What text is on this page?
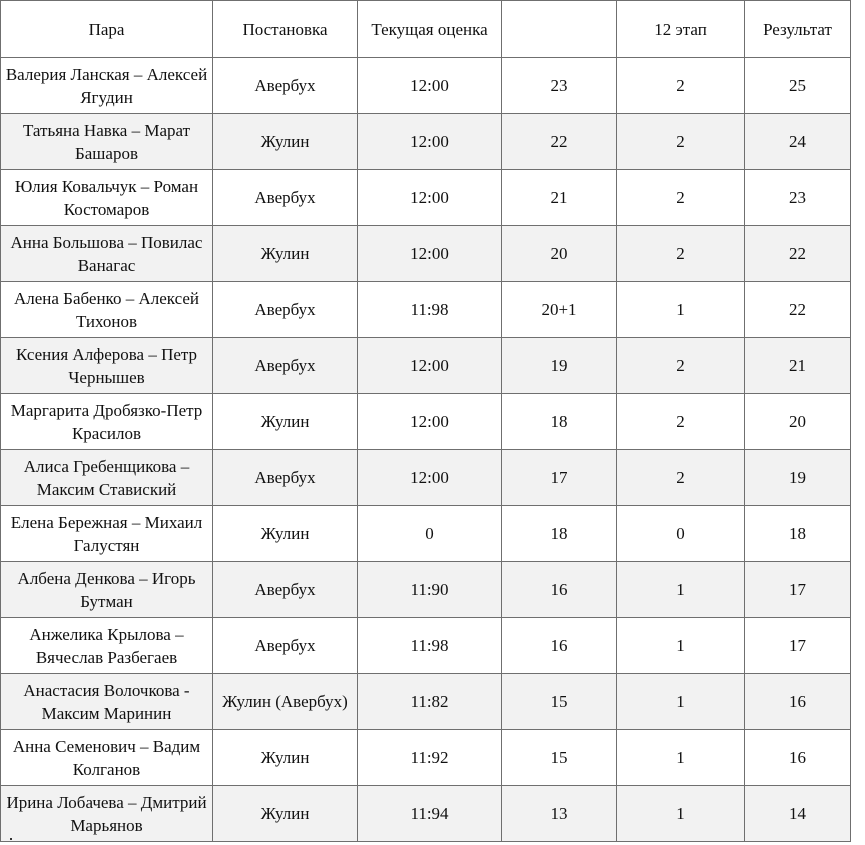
Пара	Постановка	Текущая оценка		12 этап	Результат
Валерия Ланская – Алексей Ягудин	Авербух	12:00	23	2	25
Татьяна Навка – Марат Башаров	Жулин	12:00	22	2	24
Юлия Ковальчук – Роман Костомаров	Авербух	12:00	21	2	23
Анна Большова – Повилас Ванагас	Жулин	12:00	20	2	22
Алена Бабенко – Алексей Тихонов	Авербух	11:98	20+1	1	22
Ксения Алферова – Петр Чернышев	Авербух	12:00	19	2	21
Маргарита Дробязко-Петр Красилов	Жулин	12:00	18	2	20
Алиса Гребенщикова – Максим Ставиский	Авербух	12:00	17	2	19
Елена Бережная – Михаил Галустян	Жулин	0	18	0	18
Албена Денкова – Игорь Бутман	Авербух	11:90	16	1	17
Анжелика Крылова – Вячеслав Разбегаев	Авербух	11:98	16	1	17
Анастасия Волочкова - Максим Маринин	Жулин (Авербух)	11:82	15	1	16
Анна Семенович – Вадим Колганов	Жулин	11:92	15	1	16
Ирина Лобачева – Дмитрий Марьянов	Жулин	11:94	13	1	14
